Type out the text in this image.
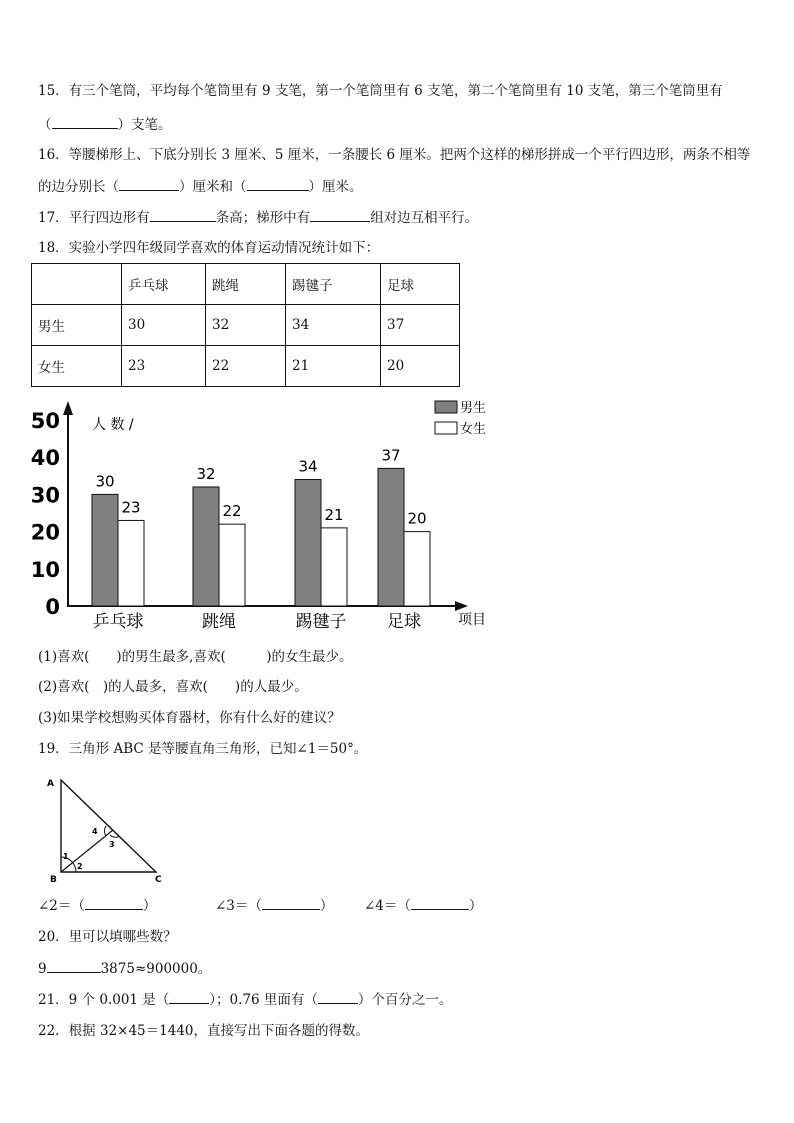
15．有三个笔筒，平均每个笔筒里有 9 支笔，第一个笔筒里有 6 支笔，第二个笔筒里有 10 支笔，第三个笔筒里有
（	）支笔。
16．等腰梯形上、下底分别长 3 厘米、5 厘米，一条腰长 6 厘米。把两个这样的梯形拼成一个平行四边形，两条不相等
的边分别长（	）厘米和（	）厘米。
17．平行四边形有	条高；梯形中有	组对边互相平行。
18．实验小学四年级同学喜欢的体育运动情况统计如下：
	乒乓球	跳绳	踢毽子	足球
男生	30	32	34	37
女生	23	22	21	20
人 数 /
项目
男生
女生
0
10
20
30
40
50
30
23
乒乓球
32
22
跳绳
34
21
踢毽子
37
20
足球
(1)喜欢(　　)的男生最多,喜欢(　　　)的女生最少。
(2)喜欢(　)的人最多，喜欢(　　)的人最少。
(3)如果学校想购买体育器材，你有什么好的建议？
19．三角形 ABC 是等腰直角三角形，已知∠1＝50°。
A
B	C
1
2
3
4
∠2＝（	）	∠3＝（	） ∠4＝（	）
20．里可以填哪些数？
9	3875≈900000。
21．9 个 0.001 是（	）；0.76 里面有（	）个百分之一。
22．根据 32×45＝1440，直接写出下面各题的得数。
